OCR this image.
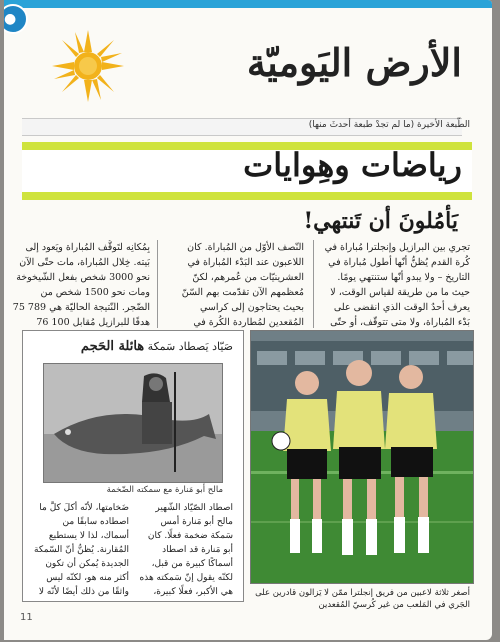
●
الأرض اليَوميّة
الطّبعة الأخيرة (ما لم تجدْ طبعة أحدثَ منها)
رياضات وهِوايات
يَأمُلونَ أن تَنتهي!
تجري بين البرازيل وإنجلترا مُباراة في كُرة القدم يُظنُّ أنّها أطول مُباراة في التاريخ – ولا يبدو أنّها ستنتهي يومًا. حيث ما من طريقة لقياس الوقت، لا يعرف أحدٌ الوقت الذي انقضى على بَدْء المُباراة، ولا متى تتوقّف، أو حتّى
النّصف الأوّل من المُباراة. كان اللاعبون عند البَدْء المُباراة في العشرينيّات من عُمرهم، لكنّ مُعظمهم الآن تقدّمت بهم السّنّ بحيث يحتاجون إلى كراسي المُقعدين لمُطاردة الكُرة في
بِمُكانِه لتَوقُّف المُباراة ويَعود إلى بَيته. خِلال المُباراة، مات حتّى الآن نحو 3000 شخص بفعل الشّيخوخة ومات نحو 1500 شخص من الضّجر. النّتيجة الحاليّة هي 789 75 هدفًا للبرازيل مُقابل 100 76
صَيّاد يَصطاد سَمكة هائلة الحَجم
مالح أبو مَنارة مع سمكته الضّخمة
اصطاد الصّيّاد الشّهير مالح أبو مَنارة أمس سَمكة ضخمة فعلًا. كان أبو مَنارة قد اصطاد أسماكًا كبيرة من قبل، لكنّه يقول إنّ سَمكته هذه هي الأكبر، فعلًا كبيرة،
ضَخامتها، لأنّه أكلَ كلَّ ما اصطاده سابقًا من أسماك، لذا لا يستطيع المُقارنة. يُظنُّ أنّ السّمكة الجديدة يُمكن أن تكون أكثر منه هو، لكنّه ليس واثقًا من ذلك أيضًا لأنّه لا	أصغر ثلاثة لاعبين من فريق إنجلترا ممّن لا يَزالون قادرين على الجَري في المَلعب من غير كُرسيّ المُقعدين
11
